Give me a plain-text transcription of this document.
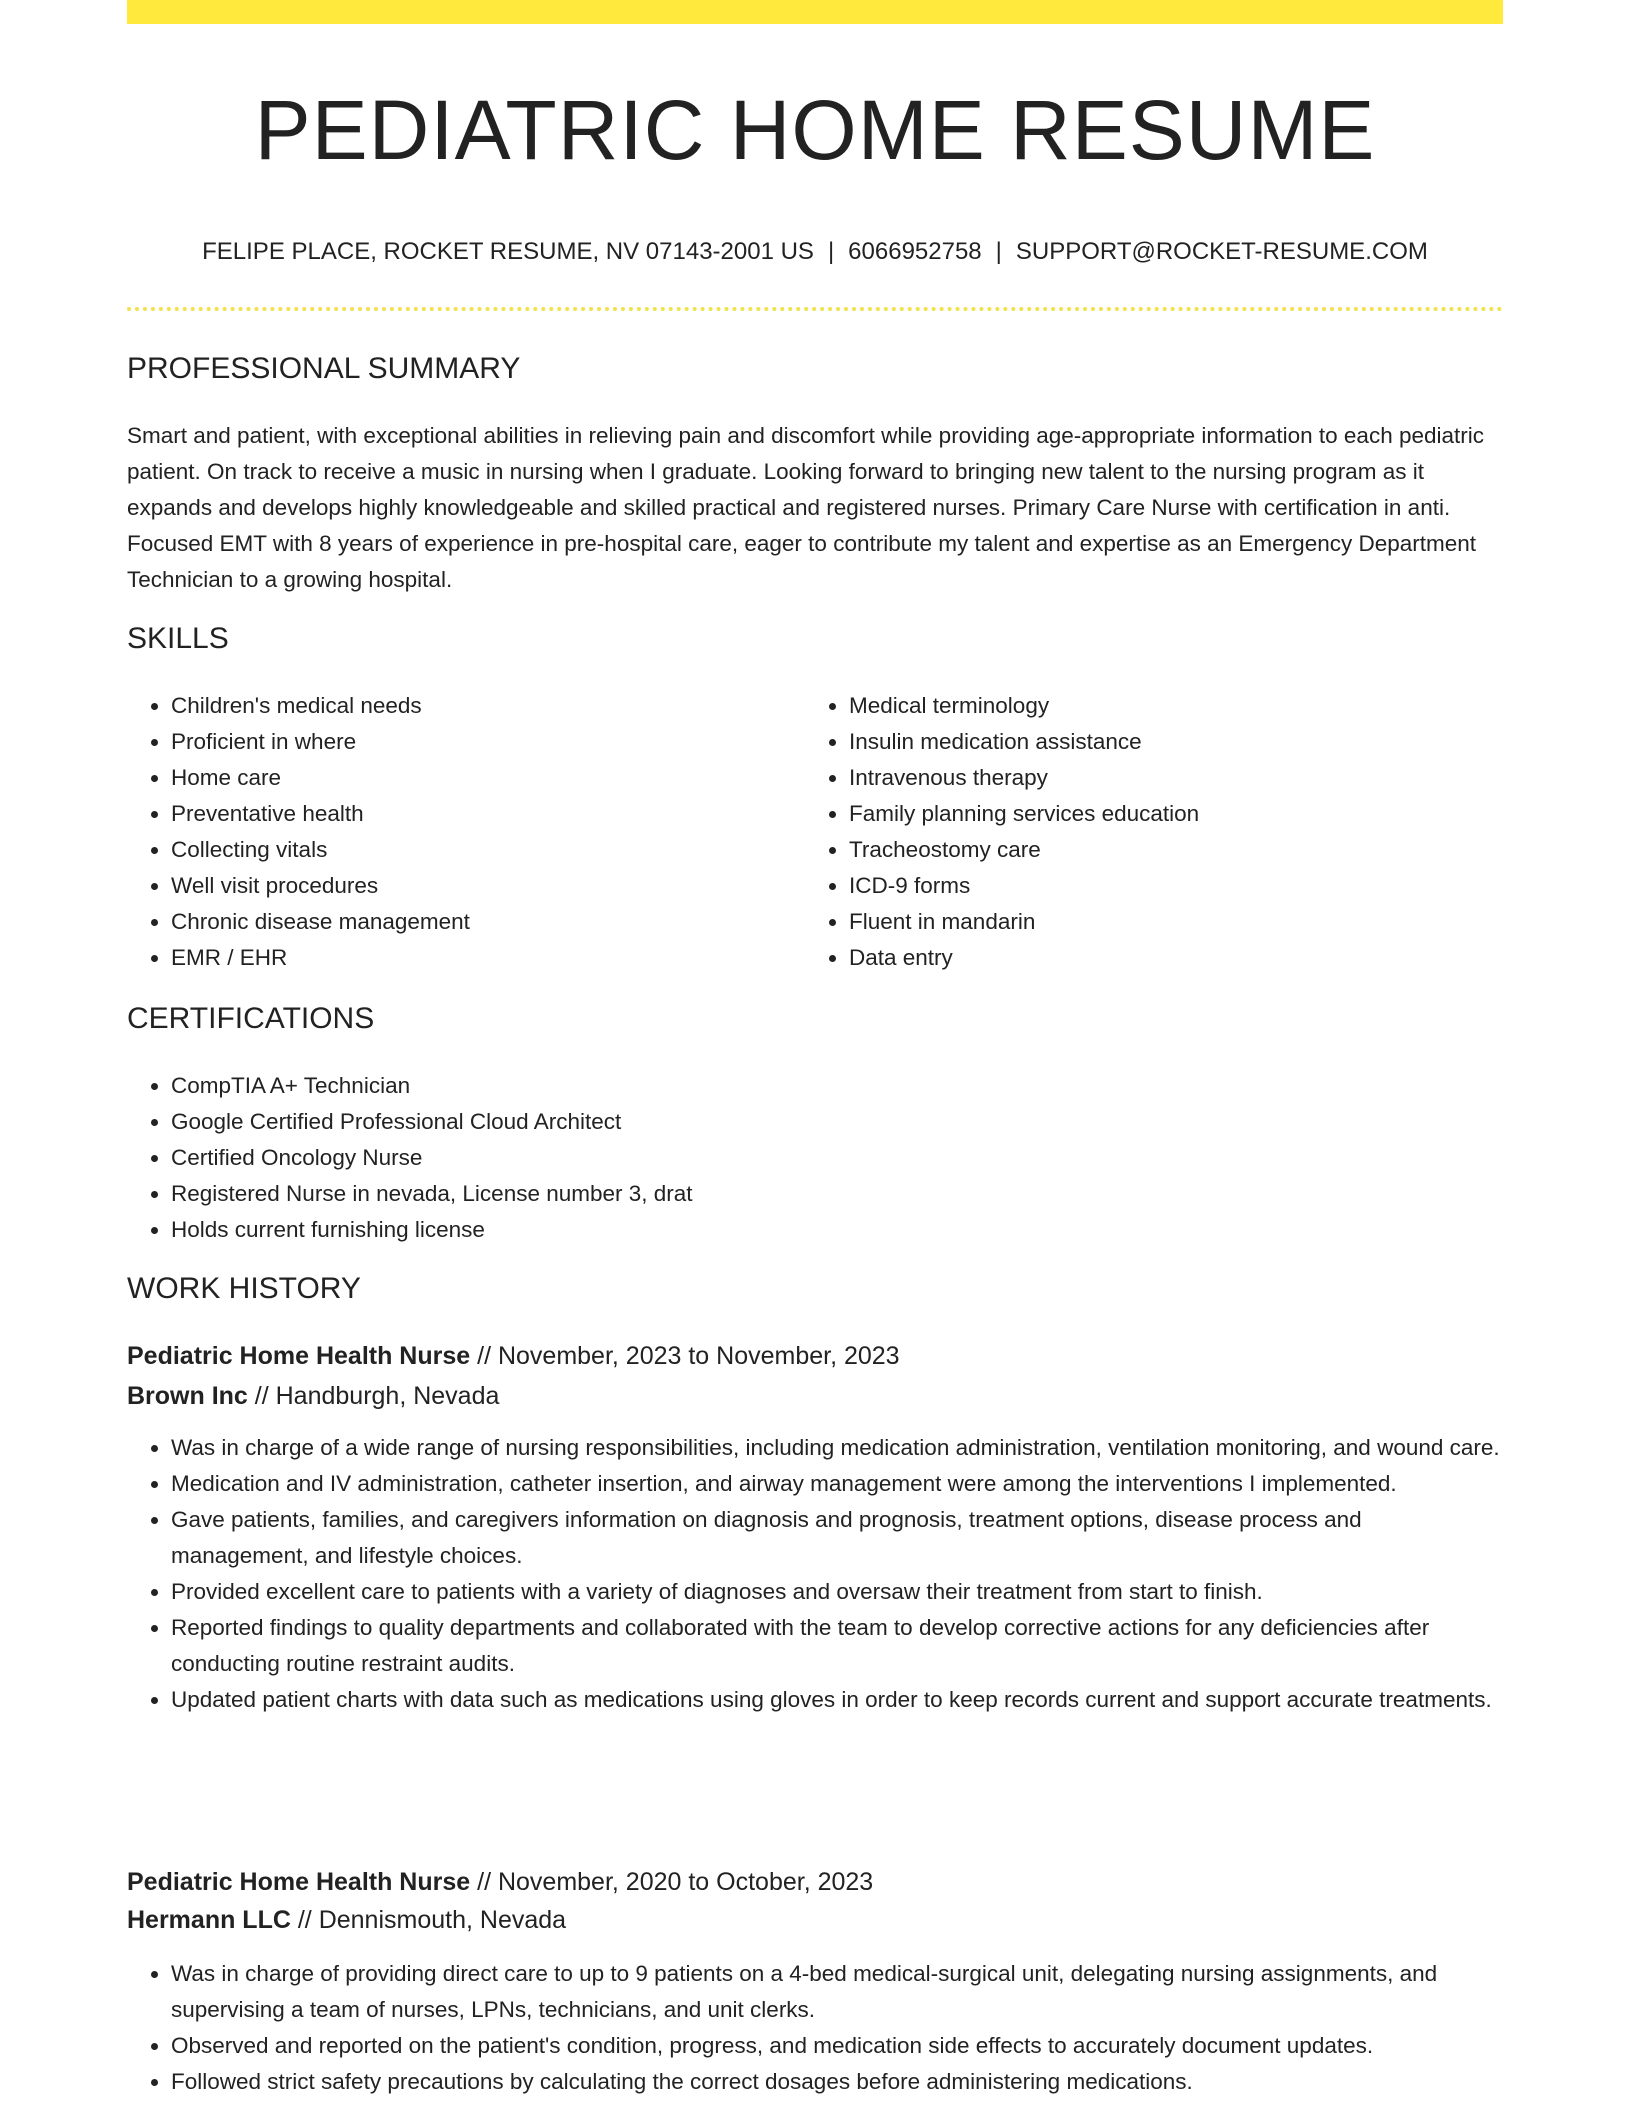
PEDIATRIC HOME RESUME
FELIPE PLACE, ROCKET RESUME, NV 07143-2001 US | 6066952758 | SUPPORT@ROCKET-RESUME.COM
PROFESSIONAL SUMMARY

Smart and patient, with exceptional abilities in relieving pain and discomfort while providing age-appropriate information to each pediatric patient. On track to receive a music in nursing when I graduate. Looking forward to bringing new talent to the nursing program as it expands and develops highly knowledgeable and skilled practical and registered nurses. Primary Care Nurse with certification in anti. Focused EMT with 8 years of experience in pre-hospital care, eager to contribute my talent and expertise as an Emergency Department Technician to a growing hospital.

SKILLS
• Children's medical needs
• Proficient in where
• Home care
• Preventative health
• Collecting vitals
• Well visit procedures
• Chronic disease management
• EMR / EHR
• Medical terminology
• Insulin medication assistance
• Intravenous therapy
• Family planning services education
• Tracheostomy care
• ICD-9 forms
• Fluent in mandarin
• Data entry
CERTIFICATIONS
• CompTIA A+ Technician
• Google Certified Professional Cloud Architect
• Certified Oncology Nurse
• Registered Nurse in nevada, License number 3, drat
• Holds current furnishing license
WORK HISTORY
Pediatric Home Health Nurse // November, 2023 to November, 2023
Brown Inc // Handburgh, Nevada
• Was in charge of a wide range of nursing responsibilities, including medication administration, ventilation monitoring, and wound care.
• Medication and IV administration, catheter insertion, and airway management were among the interventions I implemented.
• Gave patients, families, and caregivers information on diagnosis and prognosis, treatment options, disease process and management, and lifestyle choices.
• Provided excellent care to patients with a variety of diagnoses and oversaw their treatment from start to finish.
• Reported findings to quality departments and collaborated with the team to develop corrective actions for any deficiencies after conducting routine restraint audits.
• Updated patient charts with data such as medications using gloves in order to keep records current and support accurate treatments.
Pediatric Home Health Nurse // November, 2020 to October, 2023
Hermann LLC // Dennismouth, Nevada
• Was in charge of providing direct care to up to 9 patients on a 4-bed medical-surgical unit, delegating nursing assignments, and supervising a team of nurses, LPNs, technicians, and unit clerks.
• Observed and reported on the patient's condition, progress, and medication side effects to accurately document updates.
• Followed strict safety precautions by calculating the correct dosages before administering medications.
